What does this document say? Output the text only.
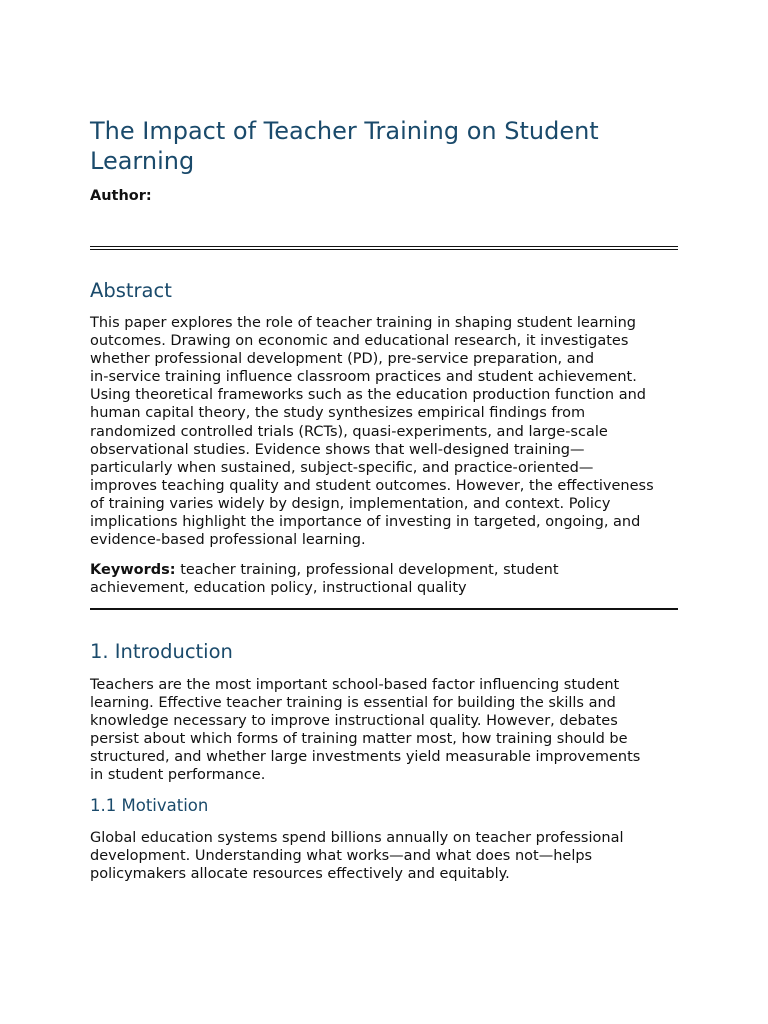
The Impact of Teacher Training on Student Learning

Author:

Abstract

This paper explores the role of teacher training in shaping student learning
outcomes. Drawing on economic and educational research, it investigates
whether professional development (PD), pre-service preparation, and
in-service training influence classroom practices and student achievement.
Using theoretical frameworks such as the education production function and
human capital theory, the study synthesizes empirical findings from
randomized controlled trials (RCTs), quasi-experiments, and large-scale
observational studies. Evidence shows that well-designed training—
particularly when sustained, subject-specific, and practice-oriented—
improves teaching quality and student outcomes. However, the effectiveness
of training varies widely by design, implementation, and context. Policy
implications highlight the importance of investing in targeted, ongoing, and
evidence-based professional learning.

Keywords: teacher training, professional development, student
achievement, education policy, instructional quality

1. Introduction

Teachers are the most important school-based factor influencing student
learning. Effective teacher training is essential for building the skills and
knowledge necessary to improve instructional quality. However, debates
persist about which forms of training matter most, how training should be
structured, and whether large investments yield measurable improvements
in student performance.

1.1 Motivation

Global education systems spend billions annually on teacher professional
development. Understanding what works—and what does not—helps
policymakers allocate resources effectively and equitably.
